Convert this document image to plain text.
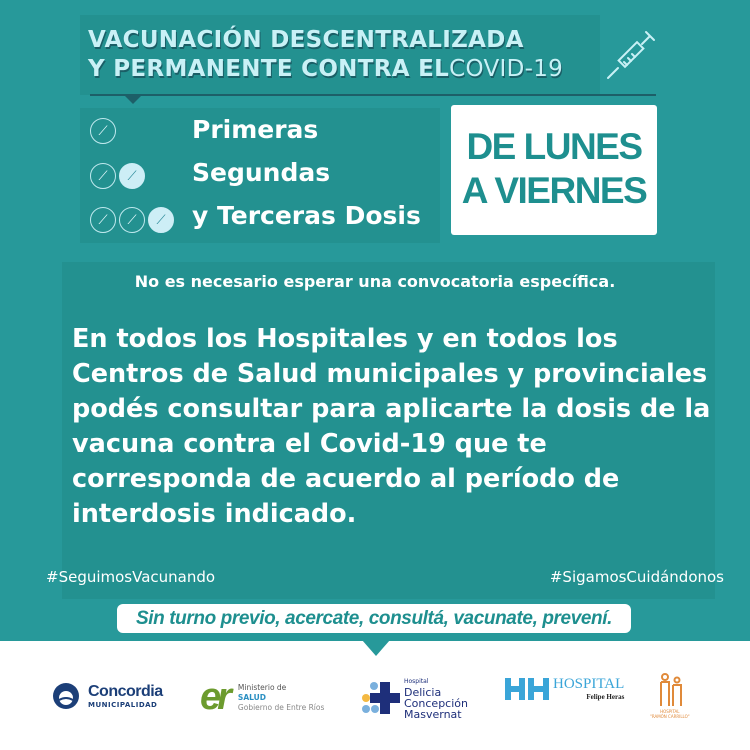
VACUNACIÓN DESCENTRALIZADA
Y PERMANENTE CONTRA ELCOVID-19
⟋	Primeras
⟋	⟋	Segundas
⟋	⟋	⟋	y Terceras Dosis
DE LUNES
A VIERNES
No es necesario esperar una convocatoria específica.
En todos los Hospitales y en todos los Centros de Salud municipales y provinciales podés consultar para aplicarte la dosis de la vacuna contra el Covid-19 que te corresponda de acuerdo al período de interdosis indicado.
#SeguimosVacunando	#SigamosCuidándonos
Sin turno previo, acercate, consultá, vacunate, prevení.
Concordia
MUNICIPALIDAD er Ministerio de
SALUD
Gobierno de Entre Ríos
Hospital
Delicia
Concepción
Masvernat
HOSPITAL
Felipe Heras
HOSPITAL
"RAMÓN CARRILLO"
